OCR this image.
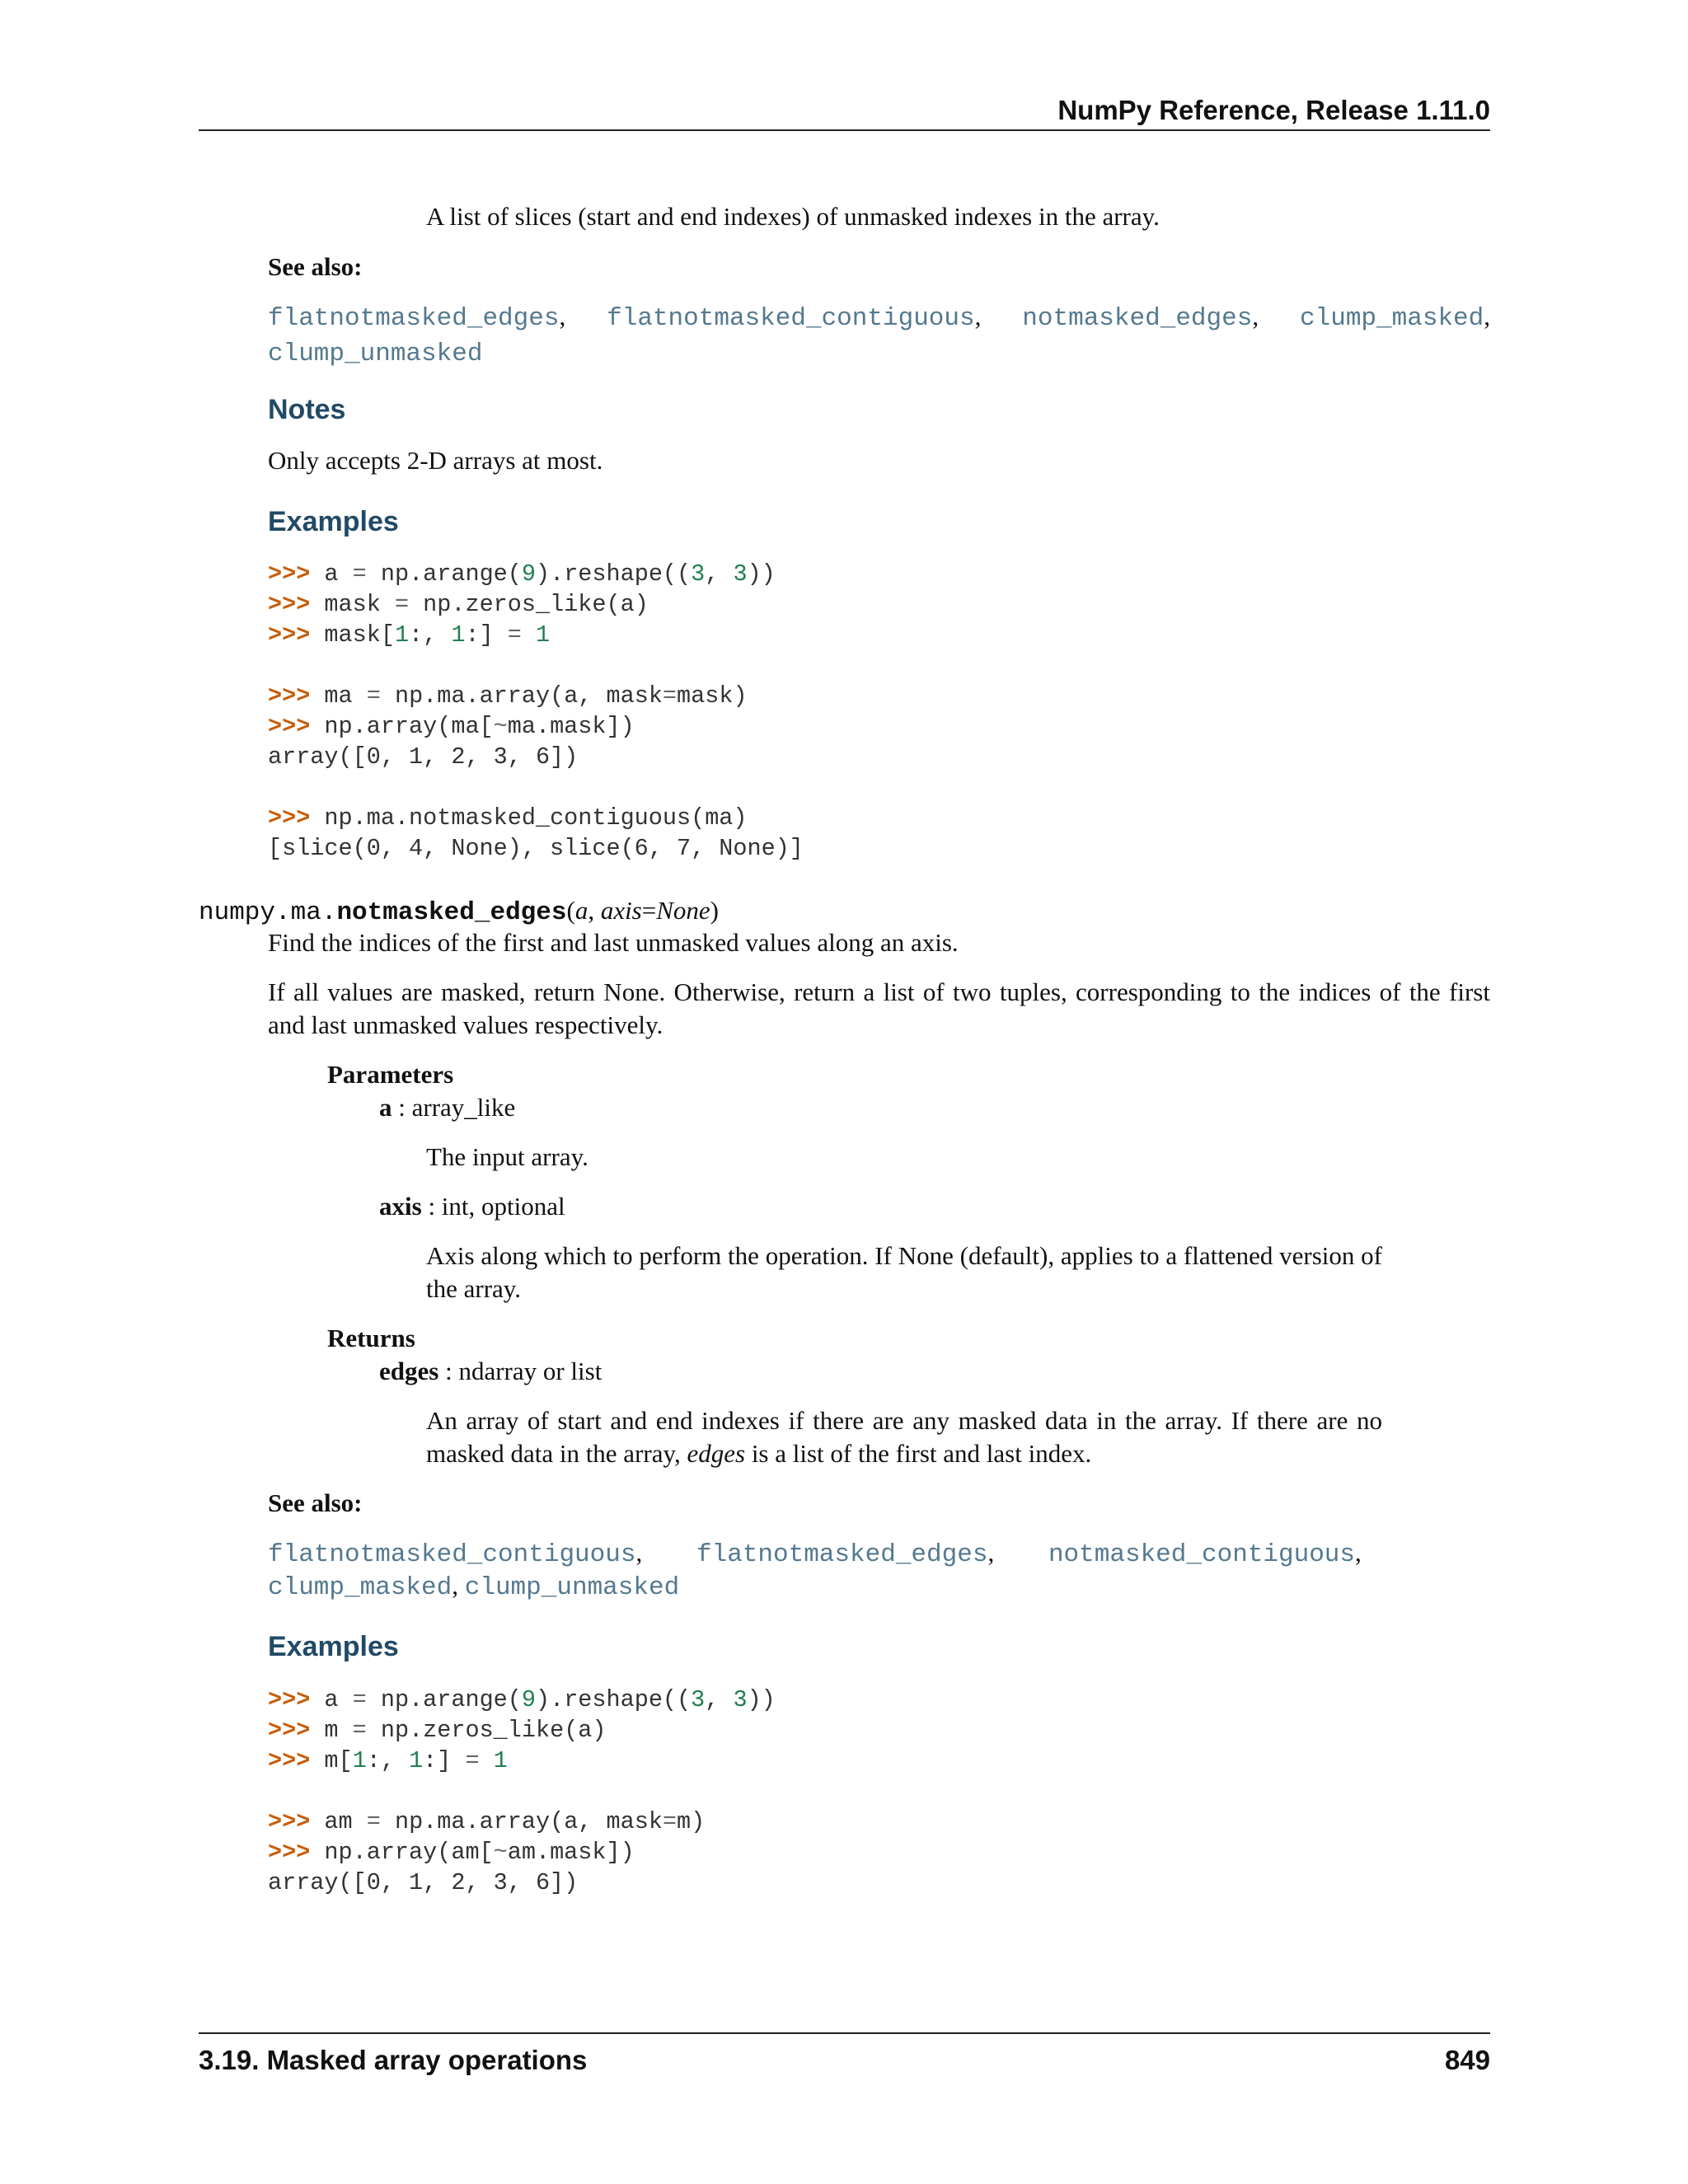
NumPy Reference, Release 1.11.0

A list of slices (start and end indexes) of unmasked indexes in the array.

See also:

flatnotmasked_edges, flatnotmasked_contiguous, notmasked_edges, clump_masked, clump_unmasked

Notes

Only accepts 2-D arrays at most.

Examples
>>> a = np.arange(9).reshape((3, 3))
>>> mask = np.zeros_like(a)
>>> mask[1:, 1:] = 1

>>> ma = np.ma.array(a, mask=mask)
>>> np.array(ma[~ma.mask])
array([0, 1, 2, 3, 6])

>>> np.ma.notmasked_contiguous(ma)
[slice(0, 4, None), slice(6, 7, None)]
numpy.ma.notmasked_edges(a, axis=None)

Find the indices of the first and last unmasked values along an axis.

If all values are masked, return None. Otherwise, return a list of two tuples, corresponding to the indices of the first and last unmasked values respectively.

Parameters

a : array_like

The input array.

axis : int, optional

Axis along which to perform the operation. If None (default), applies to a flattened version of the array.

Returns

edges : ndarray or list

An array of start and end indexes if there are any masked data in the array. If there are no masked data in the array, edges is a list of the first and last index.

See also:

flatnotmasked_contiguous, flatnotmasked_edges, notmasked_contiguous,

clump_masked, clump_unmasked

Examples
>>> a = np.arange(9).reshape((3, 3))
>>> m = np.zeros_like(a)
>>> m[1:, 1:] = 1

>>> am = np.ma.array(a, mask=m)
>>> np.array(am[~am.mask])
array([0, 1, 2, 3, 6])
3.19. Masked array operations	849
